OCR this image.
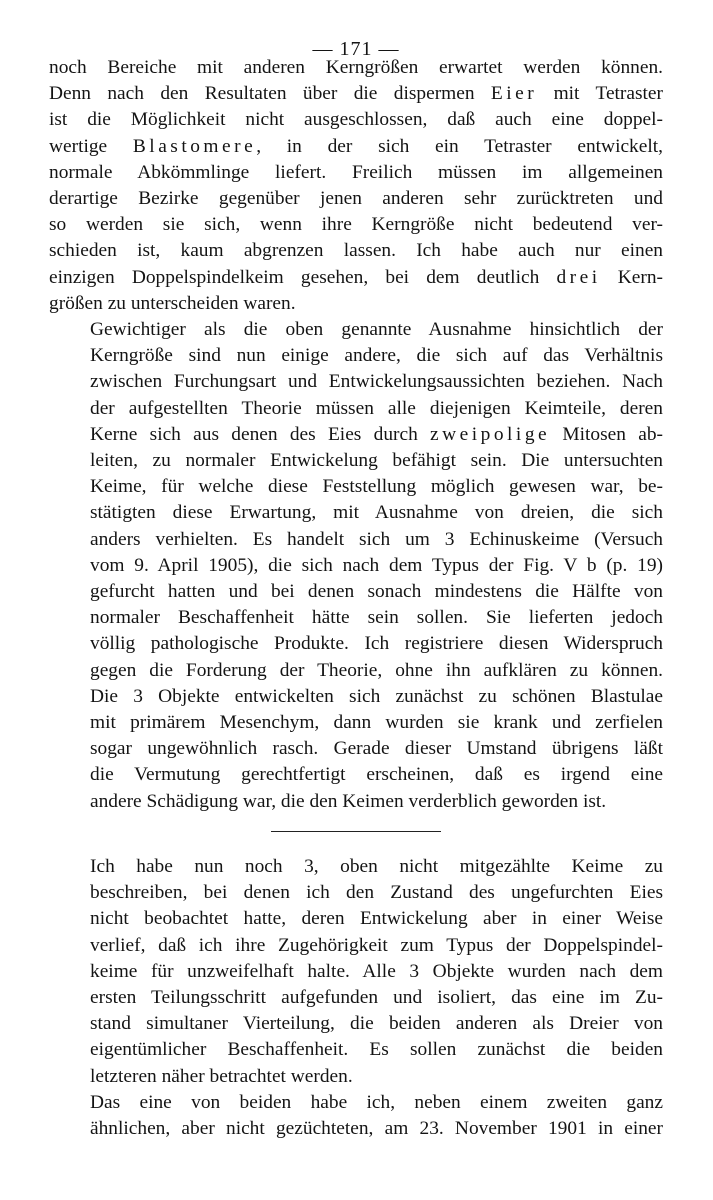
— 171 —

noch Bereiche mit anderen Kerngrößen erwartet werden können.
Denn nach den Resultaten über die dispermen Eier mit Tetraster
ist die Möglichkeit nicht ausgeschlossen, daß auch eine doppel-
wertige Blastomere, in der sich ein Tetraster entwickelt,
normale Abkömmlinge liefert. Freilich müssen im allgemeinen
derartige Bezirke gegenüber jenen anderen sehr zurücktreten und
so werden sie sich, wenn ihre Kerngröße nicht bedeutend ver-
schieden ist, kaum abgrenzen lassen. Ich habe auch nur einen
einzigen Doppelspindelkeim gesehen, bei dem deutlich drei Kern-
größen zu unterscheiden waren.

Gewichtiger als die oben genannte Ausnahme hinsichtlich der
Kerngröße sind nun einige andere, die sich auf das Verhältnis
zwischen Furchungsart und Entwickelungsaussichten beziehen. Nach
der aufgestellten Theorie müssen alle diejenigen Keimteile, deren
Kerne sich aus denen des Eies durch zweipolige Mitosen ab-
leiten, zu normaler Entwickelung befähigt sein. Die untersuchten
Keime, für welche diese Feststellung möglich gewesen war, be-
stätigten diese Erwartung, mit Ausnahme von dreien, die sich
anders verhielten. Es handelt sich um 3 Echinuskeime (Versuch
vom 9. April 1905), die sich nach dem Typus der Fig. V b (p. 19)
gefurcht hatten und bei denen sonach mindestens die Hälfte von
normaler Beschaffenheit hätte sein sollen. Sie lieferten jedoch
völlig pathologische Produkte. Ich registriere diesen Widerspruch
gegen die Forderung der Theorie, ohne ihn aufklären zu können.
Die 3 Objekte entwickelten sich zunächst zu schönen Blastulae
mit primärem Mesenchym, dann wurden sie krank und zerfielen
sogar ungewöhnlich rasch. Gerade dieser Umstand übrigens läßt
die Vermutung gerechtfertigt erscheinen, daß es irgend eine
andere Schädigung war, die den Keimen verderblich geworden ist.

Ich habe nun noch 3, oben nicht mitgezählte Keime zu
beschreiben, bei denen ich den Zustand des ungefurchten Eies
nicht beobachtet hatte, deren Entwickelung aber in einer Weise
verlief, daß ich ihre Zugehörigkeit zum Typus der Doppelspindel-
keime für unzweifelhaft halte. Alle 3 Objekte wurden nach dem
ersten Teilungsschritt aufgefunden und isoliert, das eine im Zu-
stand simultaner Vierteilung, die beiden anderen als Dreier von
eigentümlicher Beschaffenheit. Es sollen zunächst die beiden
letzteren näher betrachtet werden.

Das eine von beiden habe ich, neben einem zweiten ganz
ähnlichen, aber nicht gezüchteten, am 23. November 1901 in einer
